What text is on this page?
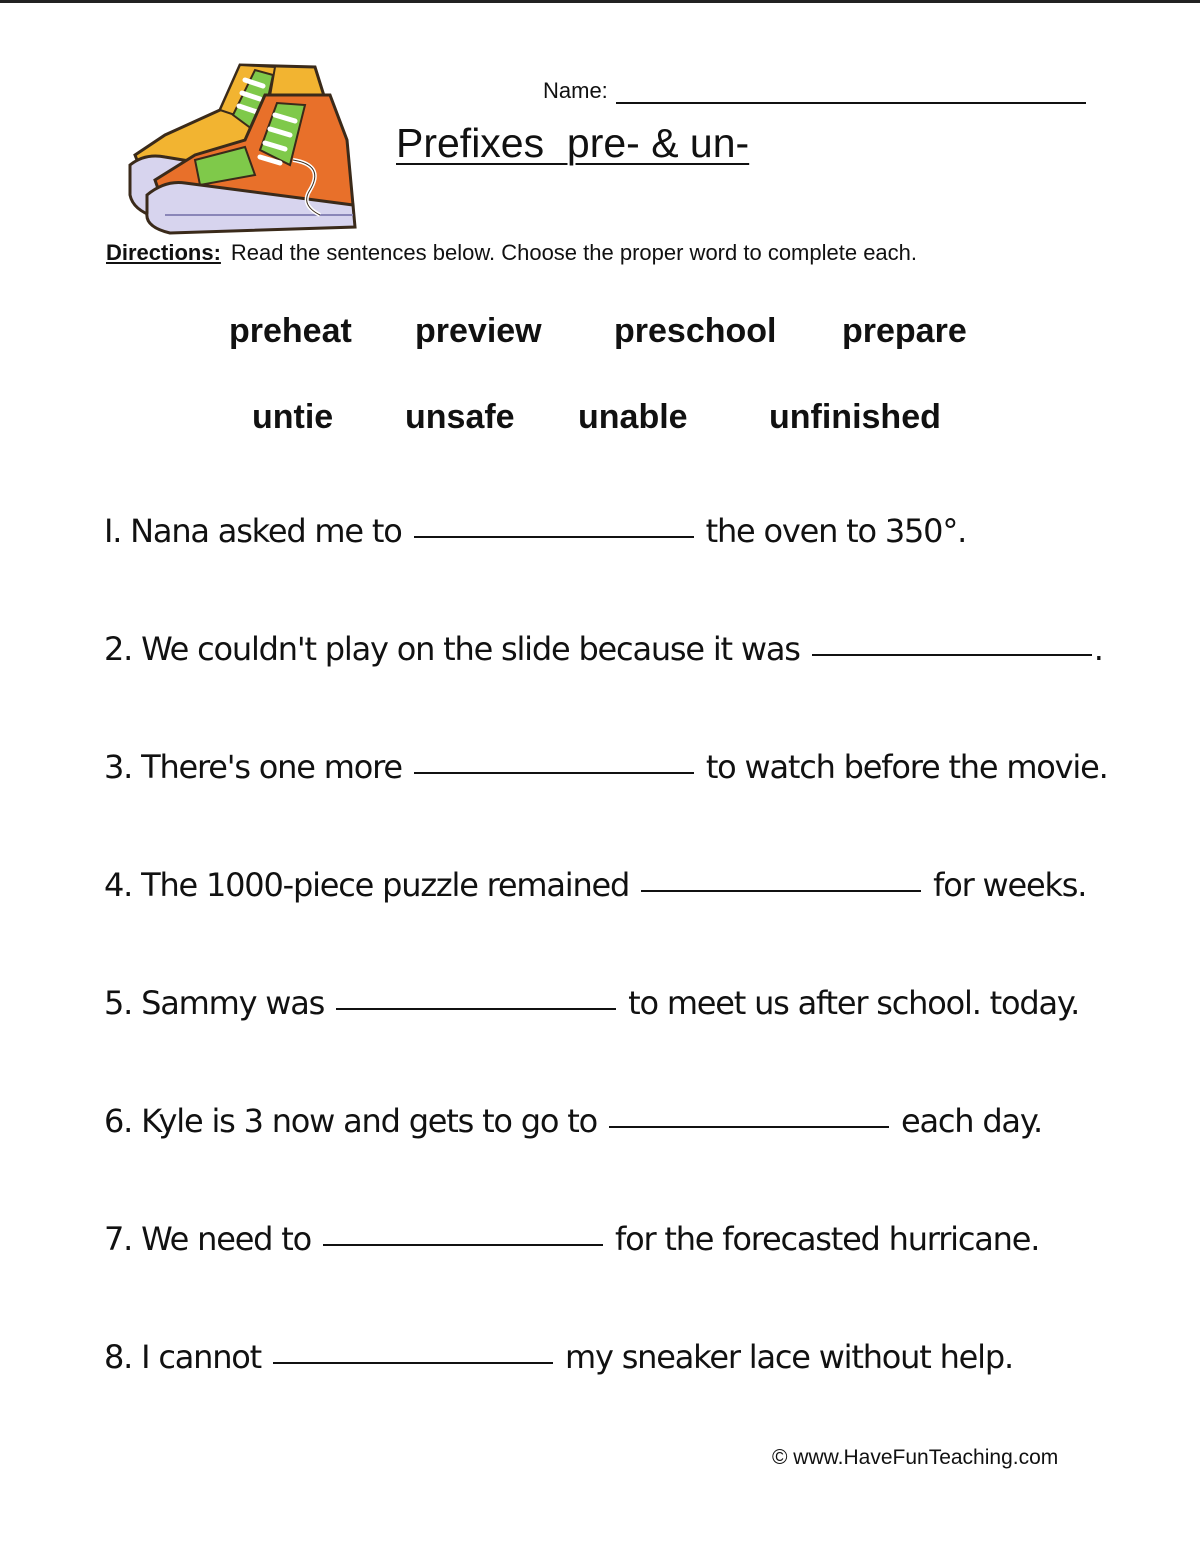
Name:
Prefixes  pre- & un-
Directions: Read the sentences below. Choose the proper word to complete each.
preheat preview preschool prepare
untie unsafe unable unfinished
I. Nana asked me to	the oven to 350°.
2. We couldn't play on the slide because it was	.
3. There's one more	to watch before the movie.
4. The 1000-piece puzzle remained	for weeks.
5. Sammy was	to meet us after school. today.
6. Kyle is 3 now and gets to go to	each day.
7. We need to	for the forecasted hurricane.
8. I cannot	my sneaker lace without help.
© www.HaveFunTeaching.com
